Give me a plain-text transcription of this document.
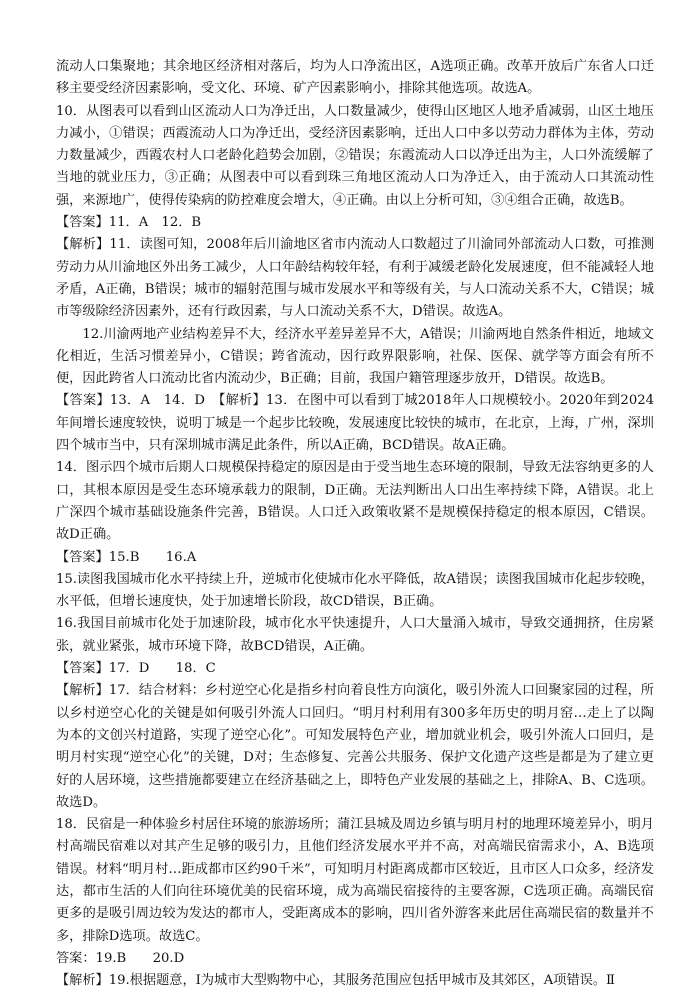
流动人口集聚地；其余地区经济相对落后，均为人口净流出区，A选项正确。改革开放后广东省人口迁移主要受经济因素影响，受文化、环境、矿产因素影响小，排除其他选项。故选A。

10．从图表可以看到山区流动人口为净迁出，人口数量减少，使得山区地区人地矛盾减弱，山区土地压力减小，①错误；西霞流动人口为净迁出，受经济因素影响，迁出人口中多以劳动力群体为主体，劳动力数量减少，西霞农村人口老龄化趋势会加剧，②错误；东霞流动人口以净迁出为主，人口外流缓解了当地的就业压力，③正确；从图表中可以看到珠三角地区流动人口为净迁入，由于流动人口其流动性强，来源地广，使得传染病的防控难度会增大，④正确。由以上分析可知，③④组合正确，故选B。

【答案】11．A　12．B

【解析】11．读图可知，2008年后川渝地区省市内流动人口数超过了川渝同外部流动人口数，可推测劳动力从川渝地区外出务工减少，人口年龄结构较年轻，有利于减缓老龄化发展速度，但不能减轻人地矛盾，A正确，B错误；城市的辐射范围与城市发展水平和等级有关，与人口流动关系不大，C错误；城市等级除经济因素外，还有行政因素，与人口流动关系不大，D错误。故选A。

12.川渝两地产业结构差异不大，经济水平差异差异不大，A错误；川渝两地自然条件相近，地域文化相近，生活习惯差异小，C错误；跨省流动，因行政界限影响，社保、医保、就学等方面会有所不便，因此跨省人口流动比省内流动少，B正确；目前，我国户籍管理逐步放开，D错误。故选B。

【答案】13．A　14．D　【解析】13．在图中可以看到丁城2018年人口规模较小。2020年到2024年间增长速度较快，说明丁城是一个起步比较晚，发展速度比较快的城市，在北京，上海，广州，深圳四个城市当中，只有深圳城市满足此条件，所以A正确，BCD错误。故A正确。

14．图示四个城市后期人口规模保持稳定的原因是由于受当地生态环境的限制，导致无法容纳更多的人口，其根本原因是受生态环境承载力的限制，D正确。无法判断出人口出生率持续下降，A错误。北上广深四个城市基础设施条件完善，B错误。人口迁入政策收紧不是规模保持稳定的根本原因，C错误。故D正确。

【答案】15.B　　16.A

15.读图我国城市化水平持续上升，逆城市化使城市化水平降低，故A错误；读图我国城市化起步较晚，水平低，但增长速度快，处于加速增长阶段，故CD错误，B正确。

16.我国目前城市化处于加速阶段，城市化水平快速提升，人口大量涌入城市，导致交通拥挤，住房紧张，就业紧张，城市环境下降，故BCD错误，A正确。

【答案】17．D　　18．C

【解析】17．结合材料：乡村逆空心化是指乡村向着良性方向演化，吸引外流人口回聚家园的过程，所以乡村逆空心化的关键是如何吸引外流人口回归。“明月村利用有300多年历史的明月窑…走上了以陶为本的文创兴村道路，实现了逆空心化”。可知发展特色产业，增加就业机会，吸引外流人口回归，是明月村实现“逆空心化”的关键，D对；生态修复、完善公共服务、保护文化遗产这些是都是为了建立更好的人居环境，这些措施都要建立在经济基础之上，即特色产业发展的基础之上，排除A、B、C选项。故选D。

18．民宿是一种体验乡村居住环境的旅游场所；蒲江县城及周边乡镇与明月村的地理环境差异小，明月村高端民宿难以对其产生足够的吸引力，且他们经济发展水平并不高，对高端民宿需求小，A、B选项错误。材料“明月村…距成都市区约90千米”，可知明月村距离成都市区较近，且市区人口众多，经济发达，都市生活的人们向往环境优美的民宿环境，成为高端民宿接待的主要客源，C选项正确。高端民宿更多的是吸引周边较为发达的都市人，受距离成本的影响，四川省外游客来此居住高端民宿的数量并不多，排除D选项。故选C。

答案：19.B　　20.D

【解析】19.根据题意，Ⅰ为城市大型购物中心，其服务范围应包括甲城市及其郊区，A项错误。Ⅱ
